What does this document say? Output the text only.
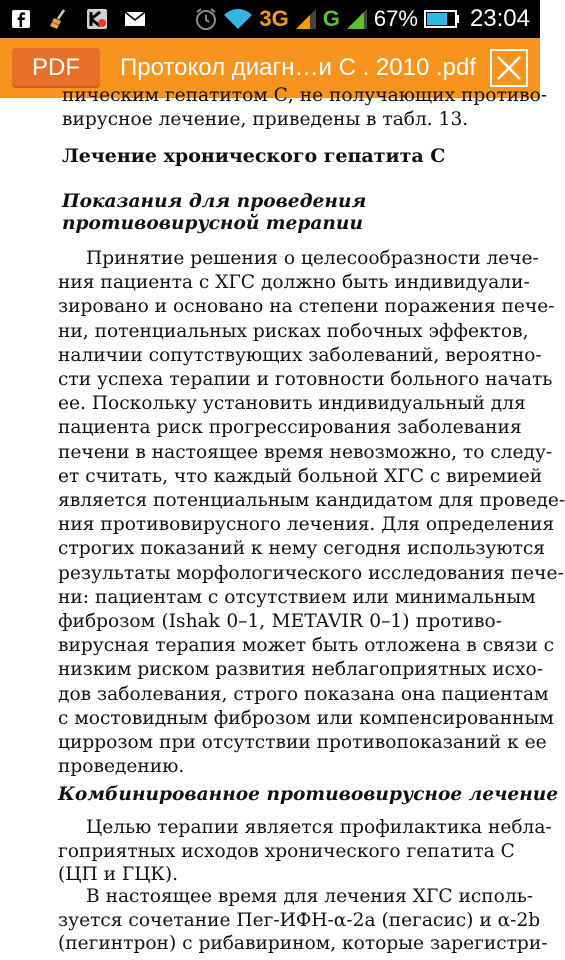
3G G 67% 23:04
PDF	Протокол диагн…и С . 2010 .pdf
пическим гепатитом С, не получающих противо-
вирусное лечение, приведены в табл. 13.
Лечение хронического гепатита С
Показания для проведения
противовирусной терапии
Принятие решения о целесообразности лече-
ния пациента с ХГС должно быть индивидуали-
зировано и основано на степени поражения пече-
ни, потенциальных рисках побочных эффектов,
наличии сопутствующих заболеваний, вероятно-
сти успеха терапии и готовности больного начать
ее. Поскольку установить индивидуальный для
пациента риск прогрессирования заболевания
печени в настоящее время невозможно, то следу-
ет считать, что каждый больной ХГС с виремией
является потенциальным кандидатом для проведе-
ния противовирусного лечения. Для определения
строгих показаний к нему сегодня используются
результаты морфологического исследования пече-
ни: пациентам с отсутствием или минимальным
фиброзом (Ishak 0–1, METAVIR 0–1) противо-
вирусная терапия может быть отложена в связи с
низким риском развития неблагоприятных исхо-
дов заболевания, строго показана она пациентам
с мостовидным фиброзом или компенсированным
циррозом при отсутствии противопоказаний к ее
проведению.
Комбинированное противовирусное лечение
Целью терапии является профилактика небла-
гоприятных исходов хронического гепатита С
(ЦП и ГЦК).
В настоящее время для лечения ХГС исполь-
зуется сочетание Пег-ИФН-α-2а (пегасис) и α-2b
(пегинтрон) с рибавирином, которые зарегистри-
